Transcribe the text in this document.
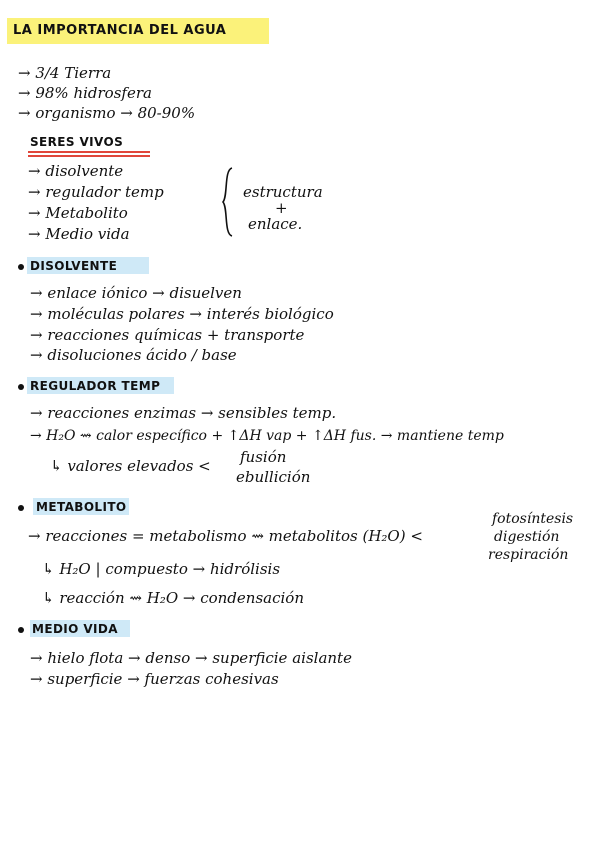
LA IMPORTANCIA DEL AGUA
→ 3/4 Tierra
→ 98% hidrosfera
→ organismo → 80-90%
SERES VIVOS
→ disolvente
→ regulador temp
→ Metabolito
→ Medio vida
estructura
+
enlace.
DISOLVENTE
→ enlace iónico → disuelven
→ moléculas polares → interés biológico
→ reacciones químicas + transporte
→ disoluciones ácido / base
REGULADOR TEMP
→ reacciones enzimas → sensibles temp.
→ H₂O ⇝ calor específico + ↑ΔH vap + ↑ΔH fus. → mantiene temp
↳ valores elevados < fusión
ebullición
METABOLITO
→ reacciones = metabolismo ⇝ metabolitos (H₂O) <
fotosíntesis
digestión
respiración
↳ H₂O | compuesto → hidrólisis
↳ reacción ⇝ H₂O → condensación
MEDIO VIDA
→ hielo flota → denso → superficie aislante
→ superficie → fuerzas cohesivas
